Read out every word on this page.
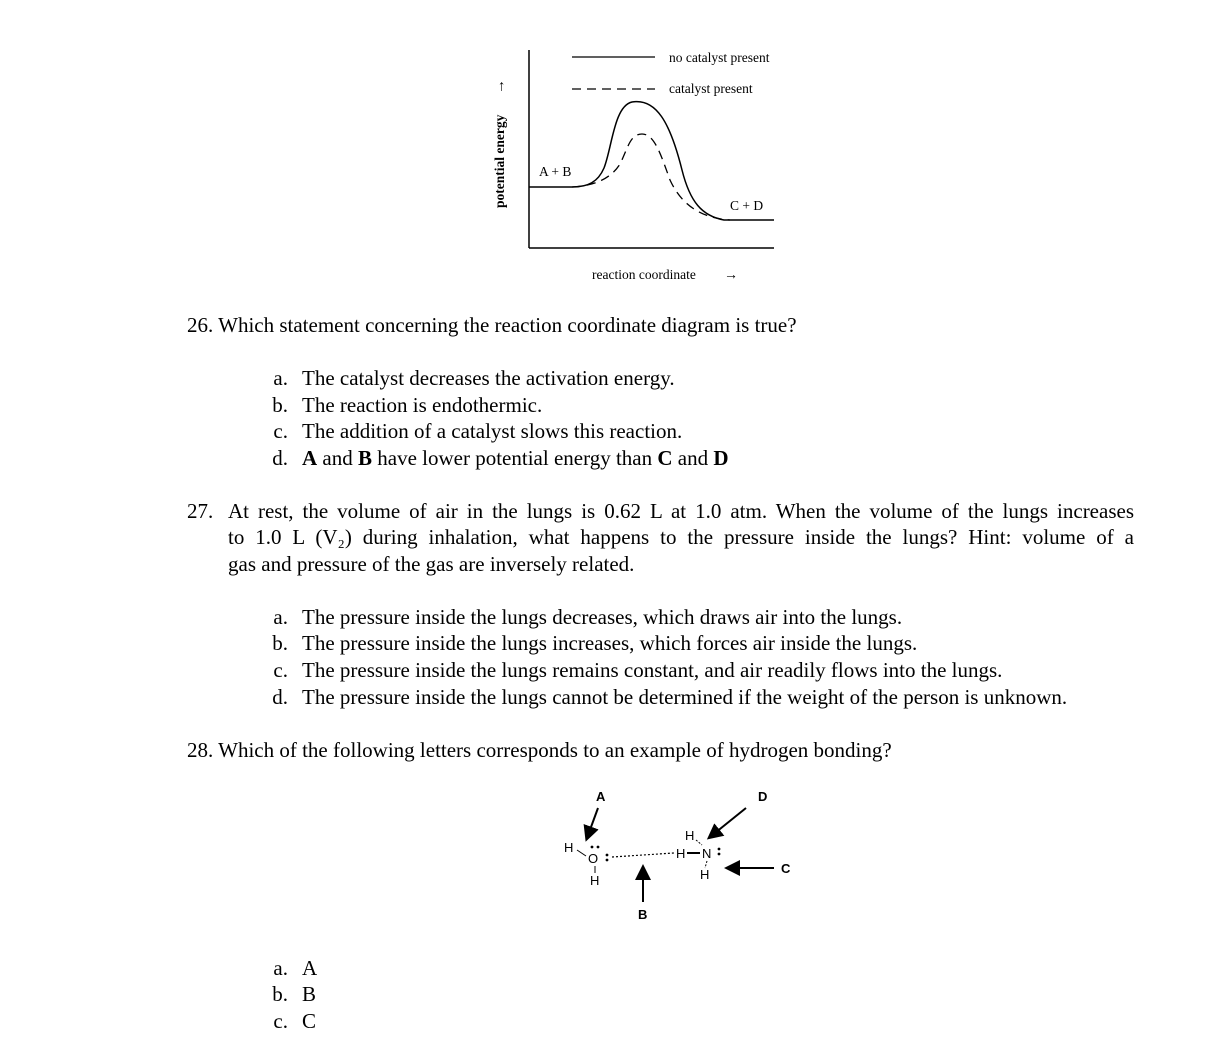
no catalyst present
catalyst present
A + B
C + D
potential energy
→
reaction coordinate →
26. Which statement concerning the reaction coordinate diagram is true?
a. The catalyst decreases the activation energy.
b. The reaction is endothermic.
c. The addition of a catalyst slows this reaction.
d. A and B have lower potential energy than C and D
27. At rest, the volume of air in the lungs is 0.62 L at 1.0 atm. When the volume of the lungs increases
to 1.0 L (V₂) during inhalation, what happens to the pressure inside the lungs? Hint: volume of a
gas and pressure of the gas are inversely related.
a. The pressure inside the lungs decreases, which draws air into the lungs.
b. The pressure inside the lungs increases, which forces air inside the lungs.
c. The pressure inside the lungs remains constant, and air readily flows into the lungs.
d. The pressure inside the lungs cannot be determined if the weight of the person is unknown.
28. Which of the following letters corresponds to an example of hydrogen bonding?
A	D
C
B
H
O
H
H
H
N
H
a. A
b. B
c. C
